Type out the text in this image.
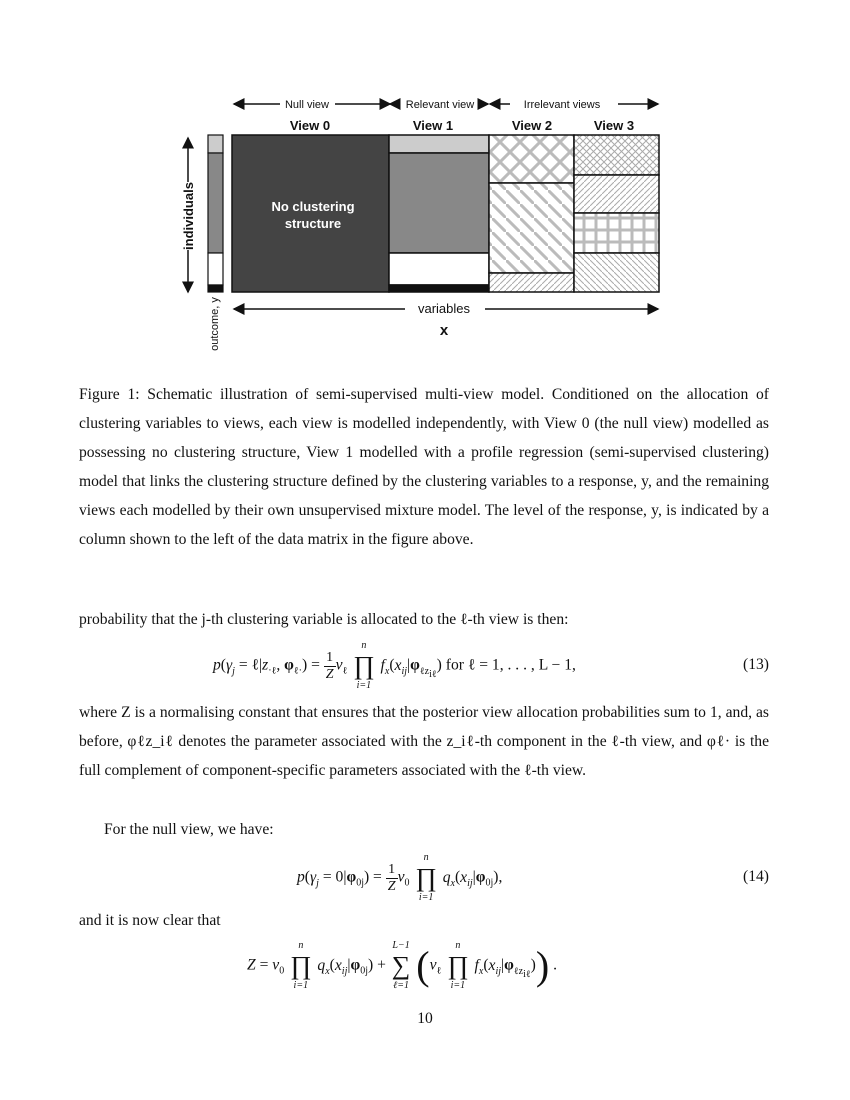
Null view	Relevant view	Irrelevant views
View 0	View 1	View 2	View 3
No clustering
structure
individuals
outcome, y	variables
x
Figure 1: Schematic illustration of semi-supervised multi-view model. Conditioned on the allocation of clustering variables to views, each view is modelled independently, with View 0 (the null view) modelled as possessing no clustering structure, View 1 modelled with a profile regression (semi-supervised clustering) model that links the clustering structure defined by the clustering variables to a response, y, and the remaining views each modelled by their own unsupervised mixture model. The level of the response, y, is indicated by a column shown to the left of the data matrix in the figure above.
probability that the j-th clustering variable is allocated to the ℓ-th view is then:
$p(\gamma_j$ = $\ell|z_{\cdot\ell}$, $\varphi_{\ell\cdot}) = \frac{1}{Z} \nu_\ell$
n
∏
i=1
$f_x(x_{ij}|\varphi_{\ell z_{i\ell}})$ for ℓ = 1, . . . , L − 1,	(13)
where Z is a normalising constant that ensures that the posterior view allocation probabilities sum to 1, and, as before, φℓz_iℓ denotes the parameter associated with the z_iℓ-th component in the ℓ-th view, and φℓ· is the full complement of component-specific parameters associated with the ℓ-th view.
For the null view, we have:
$p(\gamma_j = 0|\varphi_{0j}) = \frac{1}{Z} \nu_0$
n
∏
i=1
$q_x(x_{ij}|\varphi_{0j})$,	(14)
and it is now clear that
$Z = \nu_0$
n
∏
i=1
$q_x(x_{ij}|\varphi_{0j})$ +
L−1
∑
ℓ=1 ($\nu_\ell$
n
∏
i=1
$f_x(x_{ij}|\varphi_{\ell z_{i\ell}})$) .
10
